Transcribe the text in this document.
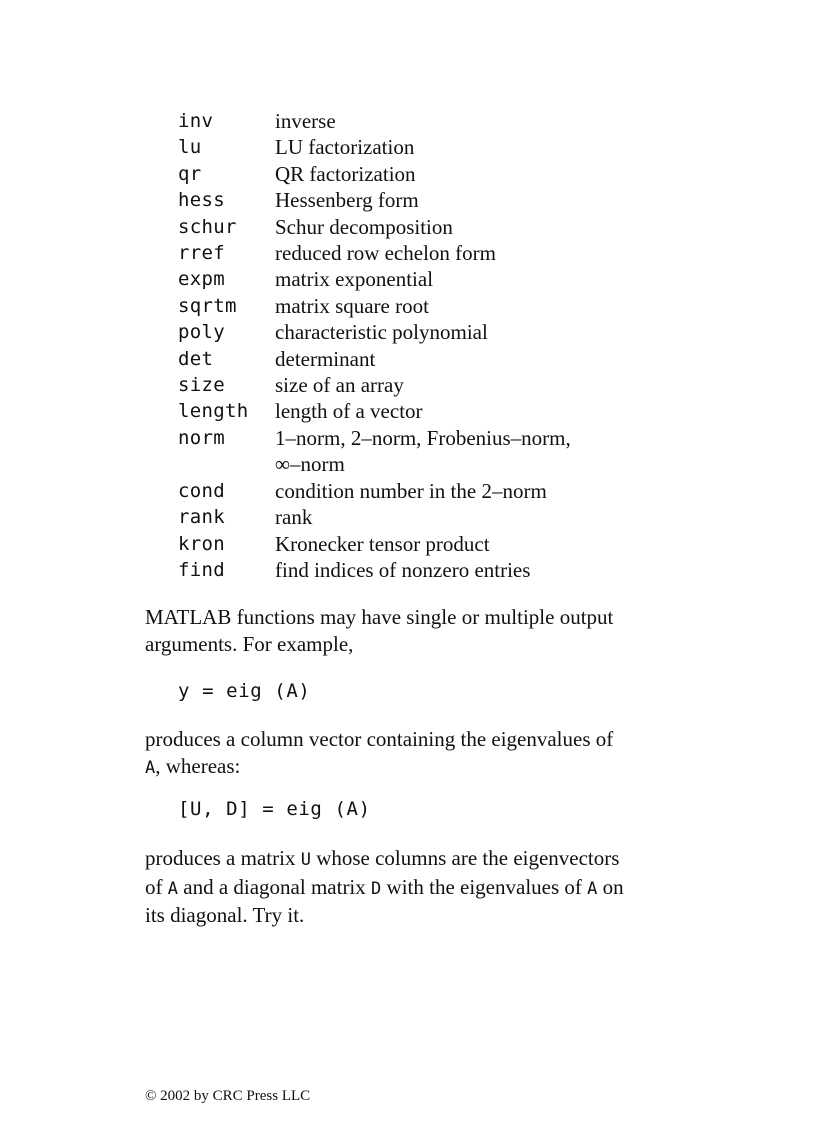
inv	inverse
lu	LU factorization
qr	QR factorization
hess	Hessenberg form
schur	Schur decomposition
rref	reduced row echelon form
expm	matrix exponential
sqrtm	matrix square root
poly	characteristic polynomial
det	determinant
size	size of an array
length	length of a vector
norm	1–norm, 2–norm, Frobenius–norm,
	∞–norm
cond	condition number in the 2–norm
rank	rank
kron	Kronecker tensor product
find	find indices of nonzero entries

MATLAB functions may have single or multiple output
arguments. For example,

y = eig (A)

produces a column vector containing the eigenvalues of
A, whereas:

[U, D] = eig (A)

produces a matrix U whose columns are the eigenvectors
of A and a diagonal matrix D with the eigenvalues of A on
its diagonal. Try it.

© 2002 by CRC Press LLC
